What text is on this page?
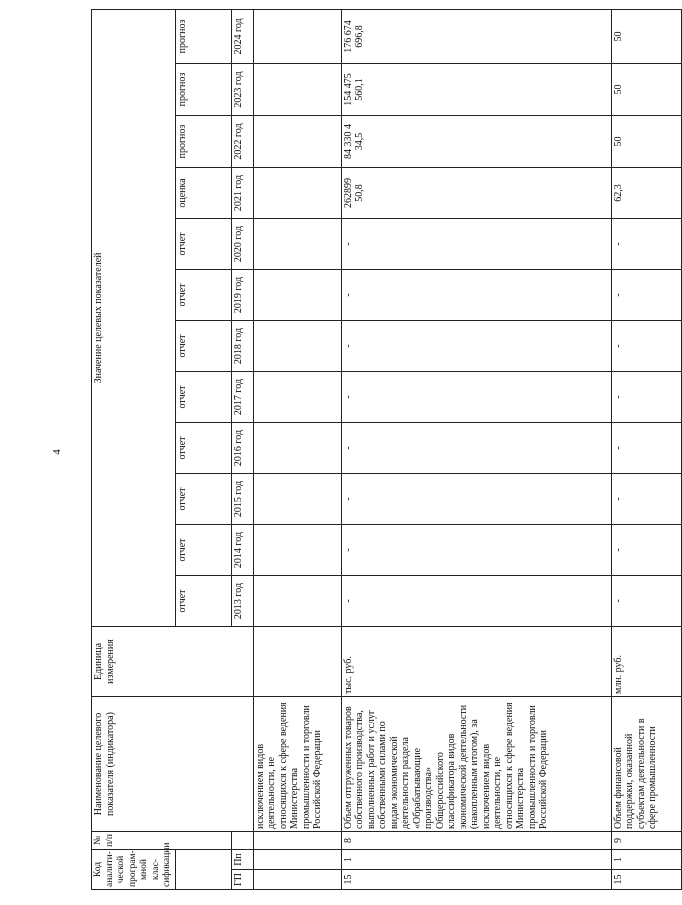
4
Код аналити-ческой програм-мной клас-сификации		№ п/п	Наименование целевого показателя (индикатора)	Единица измерения	Значение целевых показателей											
					отчет	отчет	отчет	отчет	отчет	отчет	отчет	отчет	оценка	прогноз	прогноз	прогноз
ГП	Пп				2013 год	2014 год	2015 год	2016 год	2017 год	2018 год	2019 год	2020 год	2021 год	2022 год	2023 год	2024 год
			исключением видов деятельности, не относящихся к сфере ведения Министерства промышленности и торговли Российской Федерации													
15	1	8	Объем отгруженных товаров собственного производства, выполненных работ и услуг собственными силами по видам экономической деятельности раздела «Обрабатывающие производства» Общероссийского классификатора видов экономической деятельности (накопленным итогом), за исключением видов деятельности, не относящихся к сфере ведения Министерства промышленности и торговли Российской Федерации	тыс. руб.	-	-	-	-	-	-	-	-	262899 50,8	84 330 4 34,5	154 475 560,1	176 674 696,8
15	1	9	Объем финансовой поддержки, оказанной субъектам деятельности в сфере промышленности	млн. руб.	-	-	-	-	-	-	-	-	62,3	50	50	50
